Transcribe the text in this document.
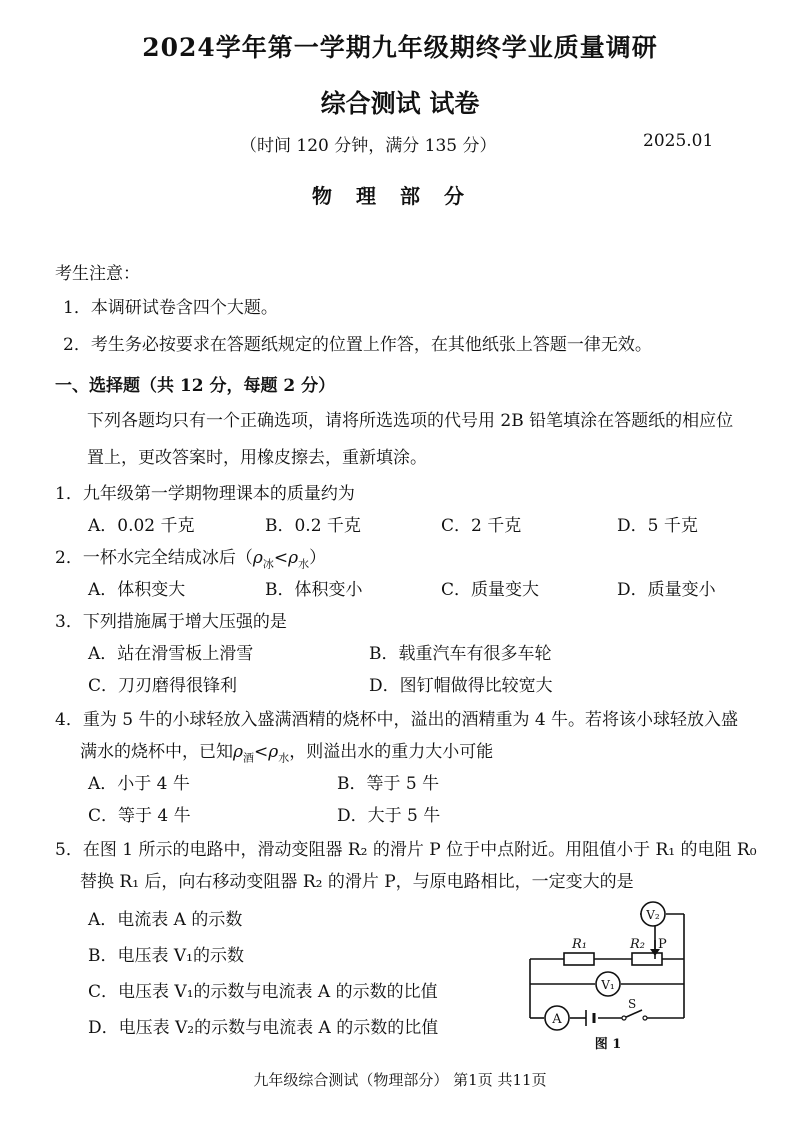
2024学年第一学期九年级期终学业质量调研
综合测试 试卷
（时间 120 分钟，满分 135 分）	2025.01
物理部分
考生注意：
1．本调研试卷含四个大题。
2．考生务必按要求在答题纸规定的位置上作答，在其他纸张上答题一律无效。
一、选择题（共 12 分，每题 2 分）
下列各题均只有一个正确选项，请将所选选项的代号用 2B 铅笔填涂在答题纸的相应位
置上，更改答案时，用橡皮擦去，重新填涂。
1．九年级第一学期物理课本的质量约为
A．0.02 千克	B．0.2 千克	C．2 千克	D．5 千克
2．一杯水完全结成冰后$(\rho_冰<\rho_水)$
A．体积变大	B．体积变小	C．质量变大	D．质量变小
3．下列措施属于增大压强的是
A．站在滑雪板上滑雪	B．载重汽车有很多车轮
C．刀刃磨得很锋利	D．图钉帽做得比较宽大
4．重为 5 牛的小球轻放入盛满酒精的烧杯中，溢出的酒精重为 4 牛。若将该小球轻放入盛
满水的烧杯中，已知$\rho_酒<\rho_水$，则溢出水的重力大小可能
A．小于 4 牛	B．等于 5 牛
C．等于 4 牛	D．大于 5 牛
5．在图 1 所示的电路中，滑动变阻器 R₂ 的滑片 P 位于中点附近。用阻值小于 R₁ 的电阻 R₀
替换 R₁ 后，向右移动变阻器 R₂ 的滑片 P，与原电路相比，一定变大的是
A．电流表 A 的示数
B．电压表 V₁的示数
C．电压表 V₁的示数与电流表 A 的示数的比值
D．电压表 V₂的示数与电流表 A 的示数的比值
V₂
V₁
A
R₁	R₂ P
S
图 1
九年级综合测试（物理部分） 第1页 共11页
